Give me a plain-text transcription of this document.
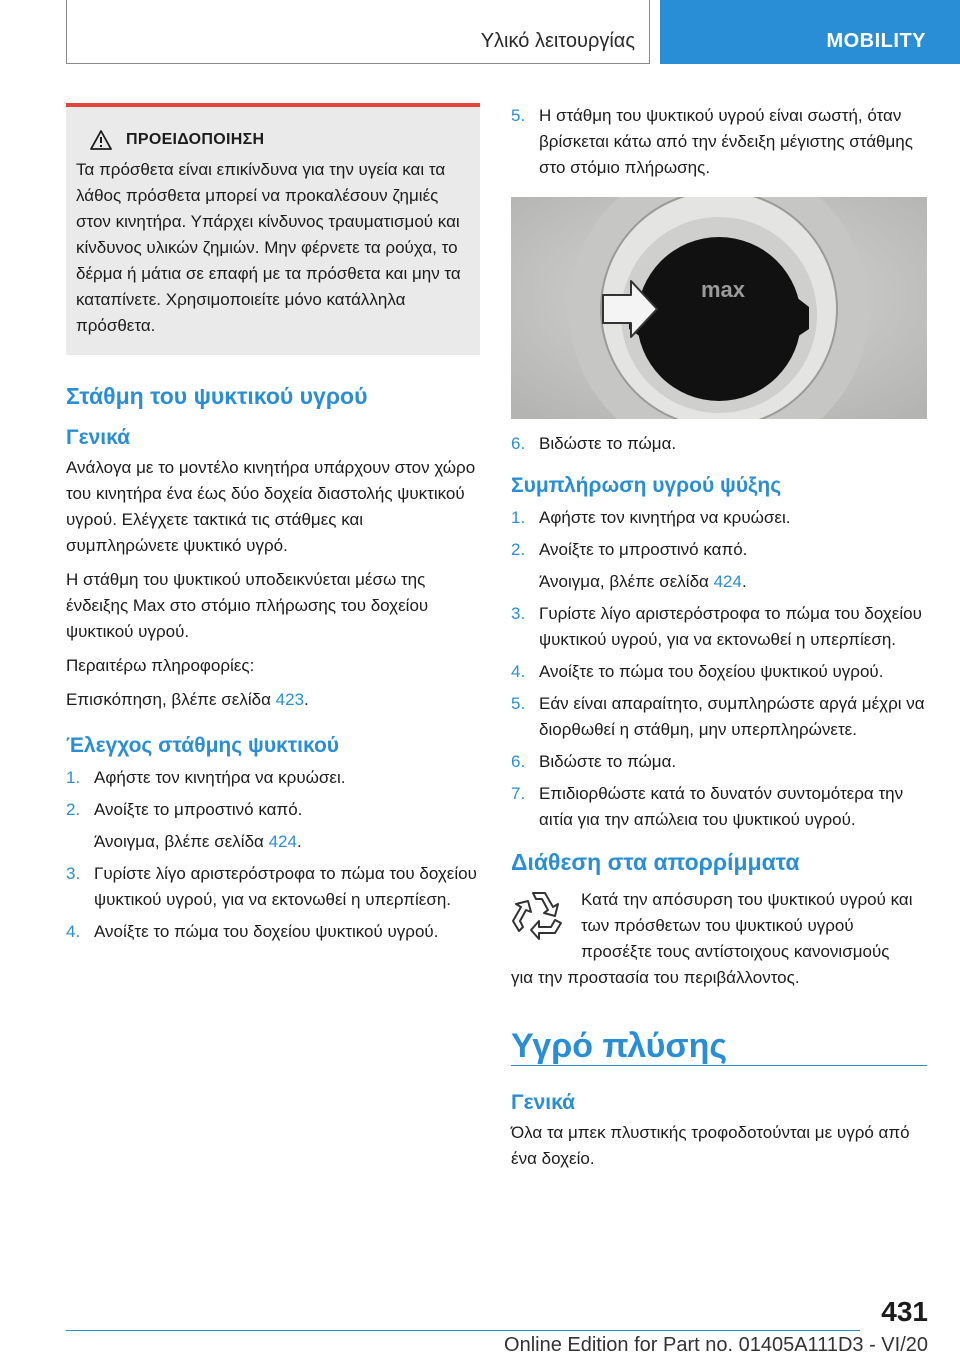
Υλικό λειτουργίας	MOBILITY
ΠΡΟΕΙΔΟΠΟΙΗΣΗ
Τα πρόσθετα είναι επικίνδυνα για την υγεία και τα λάθος πρόσθετα μπορεί να προκαλέσουν ζημιές στον κινητήρα. Υπάρχει κίνδυνος τραυματισμού και κίνδυνος υλικών ζημιών. Μην φέρνετε τα ρούχα, το δέρμα ή μάτια σε επαφή με τα πρόσθετα και μην τα καταπίνετε. Χρησιμοποιείτε μόνο κατάλληλα πρόσθετα.
Στάθμη του ψυκτικού υγρού
Γενικά

Ανάλογα με το μοντέλο κινητήρα υπάρχουν στον χώρο του κινητήρα ένα έως δύο δοχεία διαστολής ψυκτικού υγρού. Ελέγχετε τακτικά τις στάθμες και συμπληρώνετε ψυκτικό υγρό.

Η στάθμη του ψυκτικού υποδεικνύεται μέσω της ένδειξης Max στο στόμιο πλήρωσης του δοχείου ψυκτικού υγρού.

Περαιτέρω πληροφορίες:

Επισκόπηση, βλέπε σελίδα 423.

Έλεγχος στάθμης ψυκτικού
1. Αφήστε τον κινητήρα να κρυώσει.
2. Ανοίξτε το μπροστινό καπό.
Άνοιγμα, βλέπε σελίδα 424.
3. Γυρίστε λίγο αριστερόστροφα το πώμα του δοχείου ψυκτικού υγρού, για να εκτονωθεί η υπερπίεση.
4. Ανοίξτε το πώμα του δοχείου ψυκτικού υγρού.
5. Η στάθμη του ψυκτικού υγρού είναι σωστή, όταν βρίσκεται κάτω από την ένδειξη μέγιστης στάθμης στο στόμιο πλήρωσης.
max
6. Βιδώστε το πώμα.
Συμπλήρωση υγρού ψύξης
1. Αφήστε τον κινητήρα να κρυώσει.
2. Ανοίξτε το μπροστινό καπό.
Άνοιγμα, βλέπε σελίδα 424.
3. Γυρίστε λίγο αριστερόστροφα το πώμα του δοχείου ψυκτικού υγρού, για να εκτονωθεί η υπερπίεση.
4. Ανοίξτε το πώμα του δοχείου ψυκτικού υγρού.
5. Εάν είναι απαραίτητο, συμπληρώστε αργά μέχρι να διορθωθεί η στάθμη, μην υπερπληρώνετε.
6. Βιδώστε το πώμα.
7. Επιδιορθώστε κατά το δυνατόν συντομότερα την αιτία για την απώλεια του ψυκτικού υγρού.
Διάθεση στα απορρίμματα
Κατά την απόσυρση του ψυκτικού υγρού και των πρόσθετων του ψυκτικού υγρού προσέξτε τους αντίστοιχους κανονισμούς
για την προστασία του περιβάλλοντος.
Υγρό πλύσης
Γενικά
Όλα τα μπεκ πλυστικής τροφοδοτούνται με υγρό από ένα δοχείο.
431
Online Edition for Part no. 01405A111D3 - VI/20
